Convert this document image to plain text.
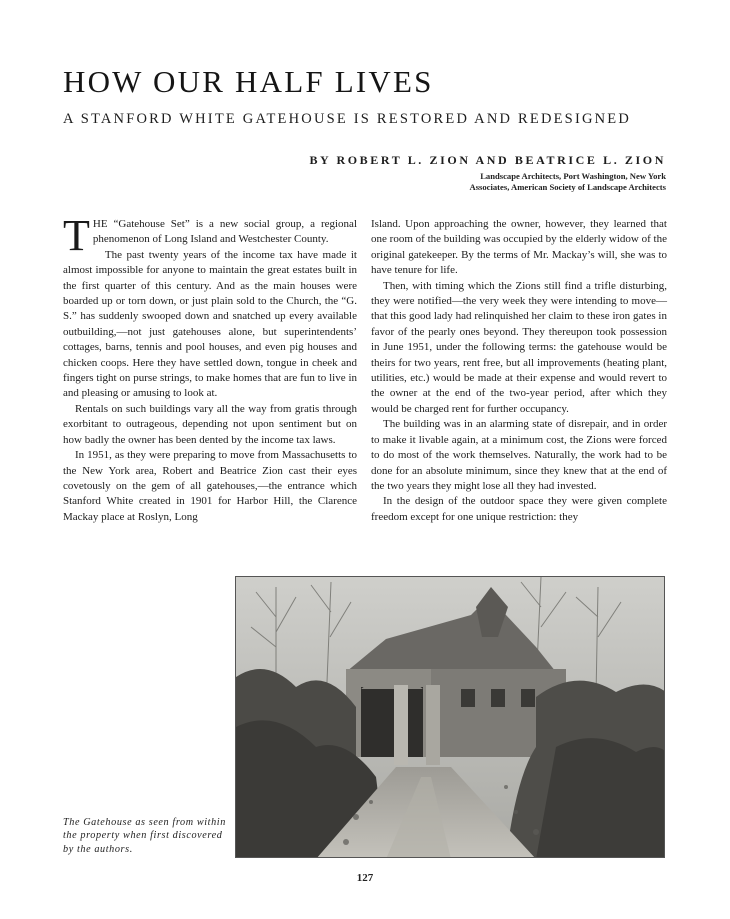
HOW OUR HALF LIVES
A STANFORD WHITE GATEHOUSE IS RESTORED AND REDESIGNED
BY ROBERT L. ZION AND BEATRICE L. ZION
Landscape Architects, Port Washington, New York
Associates, American Society of Landscape Architects

THE “Gatehouse Set” is a new social group, a regional phenomenon of Long Island and Westchester County.

The past twenty years of the income tax have made it almost impossible for anyone to maintain the great estates built in the first quarter of this century. And as the main houses were boarded up or torn down, or just plain sold to the Church, the “G. S.” has suddenly swooped down and snatched up every available outbuilding,—not just gatehouses alone, but superintendents’ cottages, barns, tennis and pool houses, and even pig houses and chicken coops. Here they have settled down, tongue in cheek and fingers tight on purse strings, to make homes that are fun to live in and pleasing or amusing to look at.

Rentals on such buildings vary all the way from gratis through exorbitant to outrageous, depending not upon sentiment but on how badly the owner has been dented by the income tax laws.

In 1951, as they were preparing to move from Massachusetts to the New York area, Robert and Beatrice Zion cast their eyes covetously on the gem of all gatehouses,—the entrance which Stanford White created in 1901 for Harbor Hill, the Clarence Mackay place at Roslyn, Long

Island. Upon approaching the owner, however, they learned that one room of the building was occupied by the elderly widow of the original gatekeeper. By the terms of Mr. Mackay’s will, she was to have tenure for life.

Then, with timing which the Zions still find a trifle disturbing, they were notified—the very week they were intending to move—that this good lady had relinquished her claim to these iron gates in favor of the pearly ones beyond. They thereupon took possession in June 1951, under the following terms: the gatehouse would be theirs for two years, rent free, but all improvements (heating plant, utilities, etc.) would be made at their expense and would revert to the owner at the end of the two-year period, after which they would be charged rent for further occupancy.

The building was in an alarming state of disrepair, and in order to make it livable again, at a minimum cost, the Zions were forced to do most of the work themselves. Naturally, the work had to be done for an absolute minimum, since they knew that at the end of the two years they might lose all they had invested.

In the design of the outdoor space they were given complete freedom except for one unique restriction: they

The Gatehouse as seen from within the property when first discovered by the authors.
127
